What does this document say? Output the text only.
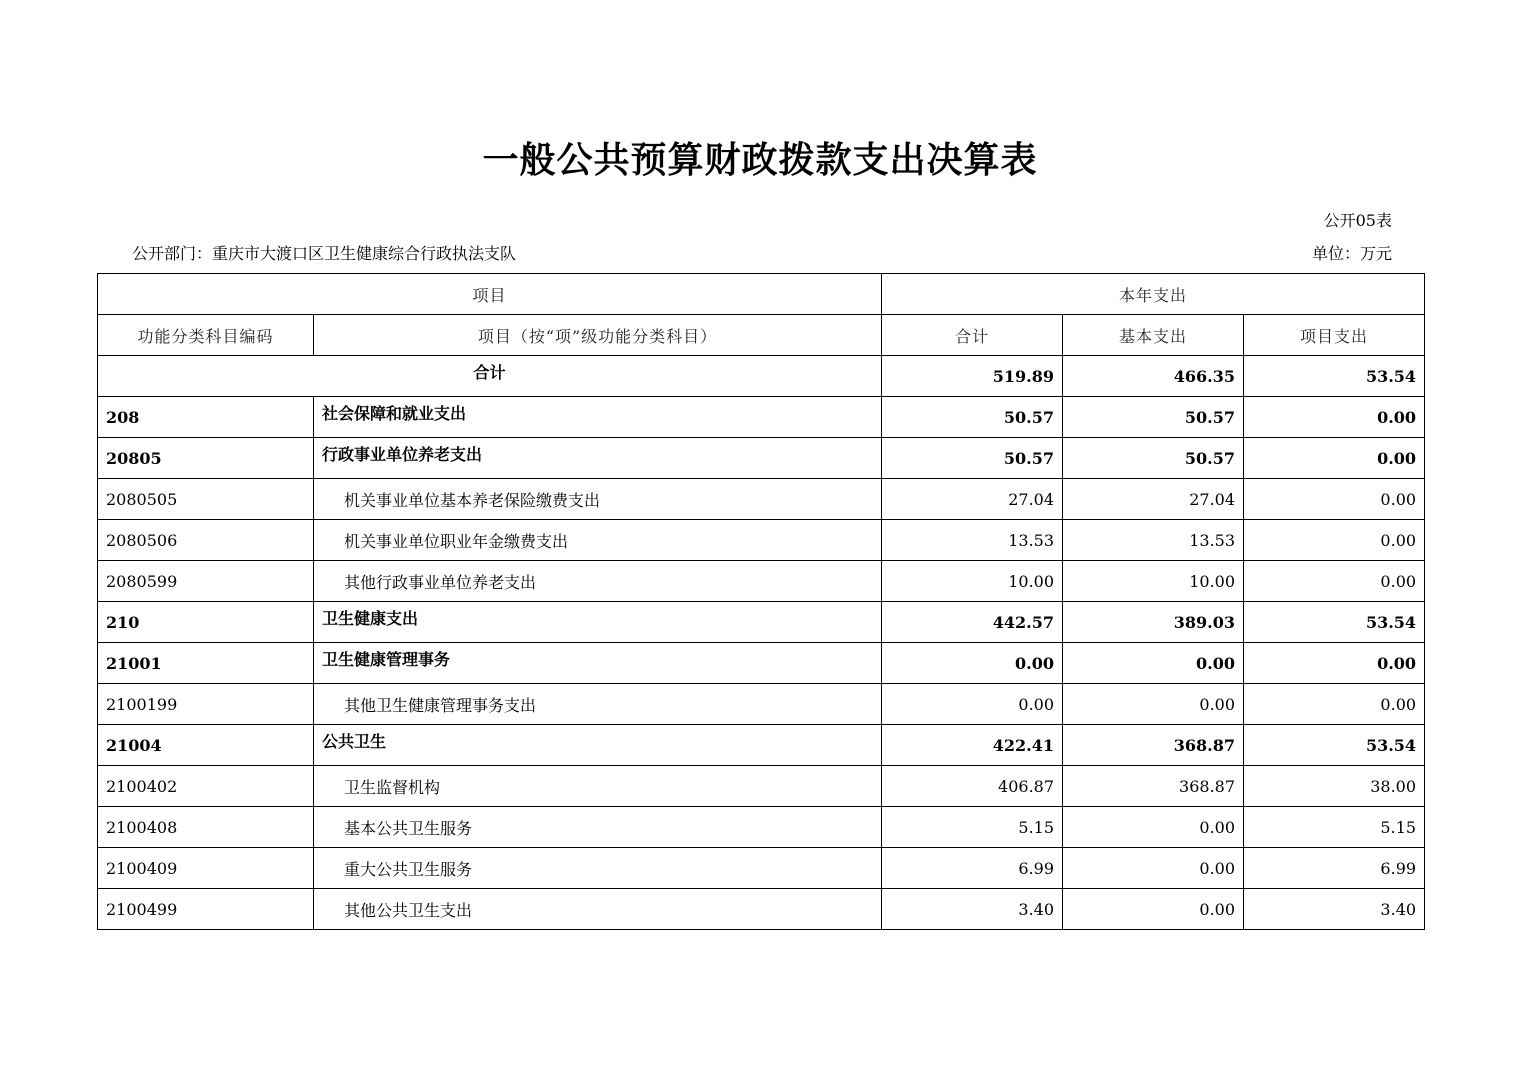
一般公共预算财政拨款支出决算表
公开05表
公开部门：重庆市大渡口区卫生健康综合行政执法支队	单位：万元
项目		本年支出		
功能分类科目编码	项目（按“项”级功能分类科目）	合计	基本支出	项目支出
合计		519.89	466.35	53.54
208	社会保障和就业支出	50.57	50.57	0.00
20805	行政事业单位养老支出	50.57	50.57	0.00
2080505	机关事业单位基本养老保险缴费支出	27.04	27.04	0.00
2080506	机关事业单位职业年金缴费支出	13.53	13.53	0.00
2080599	其他行政事业单位养老支出	10.00	10.00	0.00
210	卫生健康支出	442.57	389.03	53.54
21001	卫生健康管理事务	0.00	0.00	0.00
2100199	其他卫生健康管理事务支出	0.00	0.00	0.00
21004	公共卫生	422.41	368.87	53.54
2100402	卫生监督机构	406.87	368.87	38.00
2100408	基本公共卫生服务	5.15	0.00	5.15
2100409	重大公共卫生服务	6.99	0.00	6.99
2100499	其他公共卫生支出	3.40	0.00	3.40
